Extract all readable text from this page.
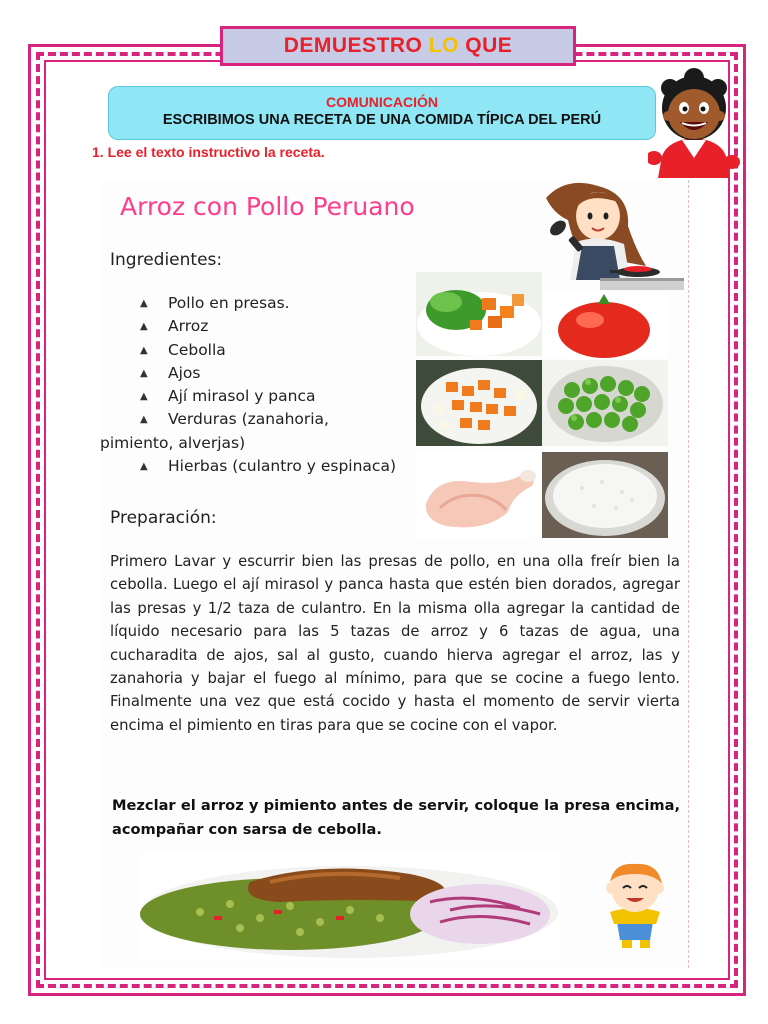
DEMUESTRO LO QUE
COMUNICACIÓN
ESCRIBIMOS UNA RECETA DE UNA COMIDA TÍPICA DEL PERÚ
1. Lee el texto instructivo la receta.
Arroz con Pollo Peruano
Ingredientes:
▲ Pollo en presas.
▲ Arroz
▲ Cebolla
▲ Ajos
▲ Ají mirasol y panca
▲ Verduras (zanahoria,
pimiento, alverjas)
▲ Hierbas (culantro y espinaca)
Preparación:
Primero Lavar y escurrir bien las presas de pollo, en una olla freír bien la cebolla. Luego el ají mirasol y panca hasta que estén bien dorados, agregar las presas y 1/2 taza de culantro. En la misma olla agregar la cantidad de líquido necesario para las 5 tazas de arroz y 6 tazas de agua, una cucharadita de ajos, sal al gusto, cuando hierva agregar el arroz, las y zanahoria y bajar el fuego al mínimo, para que se cocine a fuego lento. Finalmente una vez que está cocido y hasta el momento de servir vierta encima el pimiento en tiras para que se cocine con el vapor.
Mezclar el arroz y pimiento antes de servir, coloque la presa encima, acompañar con sarsa de cebolla.
